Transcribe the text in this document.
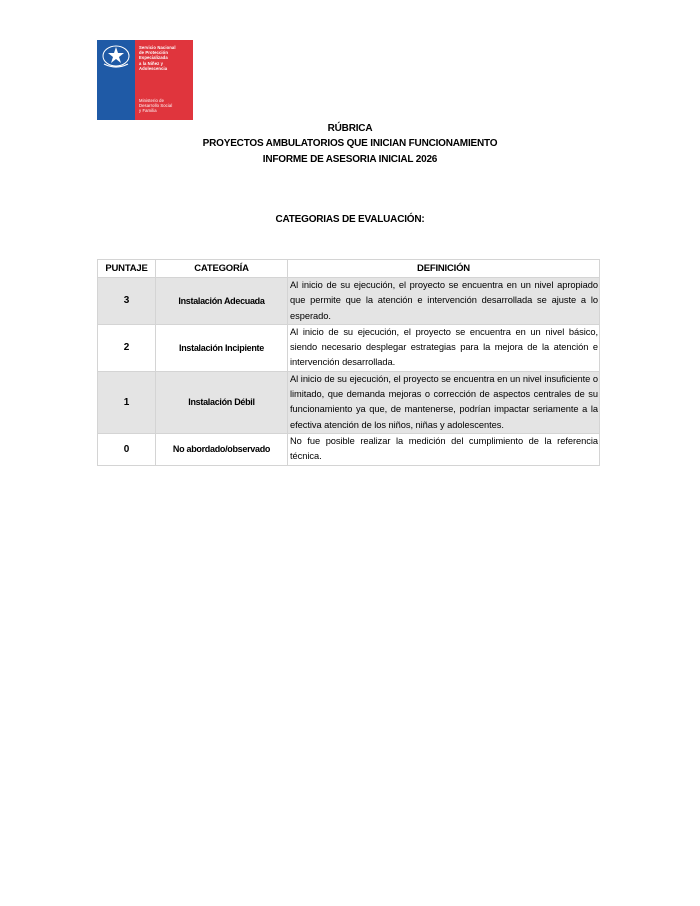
Servicio Nacional
de Protección
Especializada
a la Niñez y
Adolescencia
Ministerio de
Desarrollo Social
y Familia
RÚBRICA
PROYECTOS AMBULATORIOS QUE INICIAN FUNCIONAMIENTO
INFORME DE ASESORIA INICIAL 2026
CATEGORIAS DE EVALUACIÓN:
PUNTAJE	CATEGORÍA	DEFINICIÓN
3	Instalación Adecuada	Al inicio de su ejecución, el proyecto se encuentra en un nivel apropiado que permite que la atención e intervención desarrollada se ajuste a lo esperado.
2	Instalación Incipiente	Al inicio de su ejecución, el proyecto se encuentra en un nivel básico, siendo necesario desplegar estrategias para la mejora de la atención e intervención desarrollada.
1	Instalación Débil	Al inicio de su ejecución, el proyecto se encuentra en un nivel insuficiente o limitado, que demanda mejoras o corrección de aspectos centrales de su funcionamiento ya que, de mantenerse, podrían impactar seriamente a la efectiva atención de los niños, niñas y adolescentes.
0	No abordado/observado	No fue posible realizar la medición del cumplimiento de la referencia técnica.
